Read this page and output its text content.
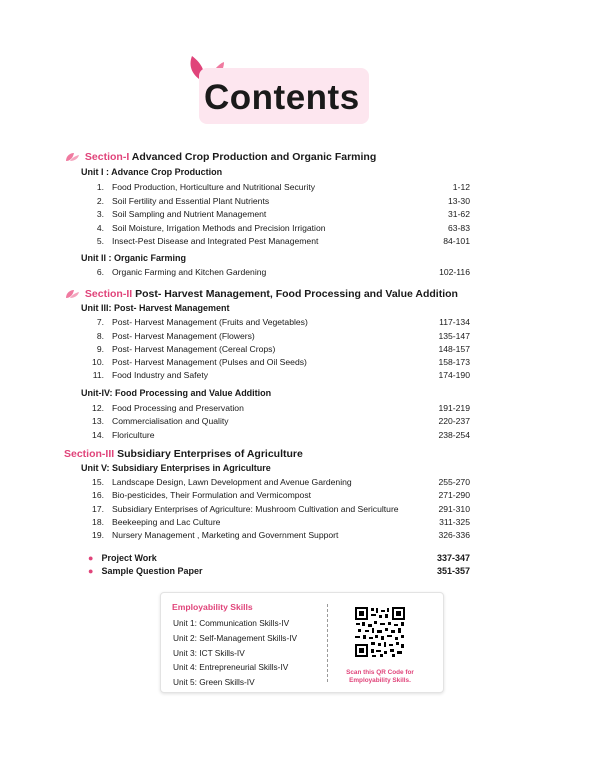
Contents
Section-I Advanced Crop Production and Organic Farming
Unit I : Advance Crop Production
1. Food Production, Horticulture and Nutritional Security	1-12
2. Soil Fertility and Essential Plant Nutrients	13-30
3. Soil Sampling and Nutrient Management	31-62
4. Soil Moisture, Irrigation Methods and Precision Irrigation	63-83
5. Insect-Pest Disease and Integrated Pest Management	84-101
Unit II : Organic Farming
6. Organic Farming and Kitchen Gardening	102-116
Section-II Post- Harvest Management, Food Processing and Value Addition
Unit III: Post- Harvest Management
7. Post- Harvest Management (Fruits and Vegetables)	117-134
8. Post- Harvest Management (Flowers)	135-147
9. Post- Harvest Management (Cereal Crops)	148-157
10. Post- Harvest Management (Pulses and Oil Seeds)	158-173
11. Food Industry and Safety	174-190
Unit-IV: Food Processing and Value Addition
12. Food Processing and Preservation	191-219
13. Commercialisation and Quality	220-237
14. Floriculture	238-254
Section-III Subsidiary Enterprises of Agriculture
Unit V: Subsidiary Enterprises in Agriculture
15. Landscape Design, Lawn Development and Avenue Gardening	255-270
16. Bio-pesticides, Their Formulation and Vermicompost	271-290
17. Subsidiary Enterprises of Agriculture: Mushroom Cultivation and Sericulture	291-310
18. Beekeeping and Lac Culture	311-325
19. Nursery Management , Marketing and Government Support	326-336
● Project Work	337-347
● Sample Question Paper	351-357
Employability Skills
Unit 1: Communication Skills-IV
Unit 2: Self-Management Skills-IV
Unit 3: ICT Skills-IV
Unit 4: Entrepreneurial Skills-IV
Unit 5: Green Skills-IV
Scan this QR Code for
Employability Skills.
